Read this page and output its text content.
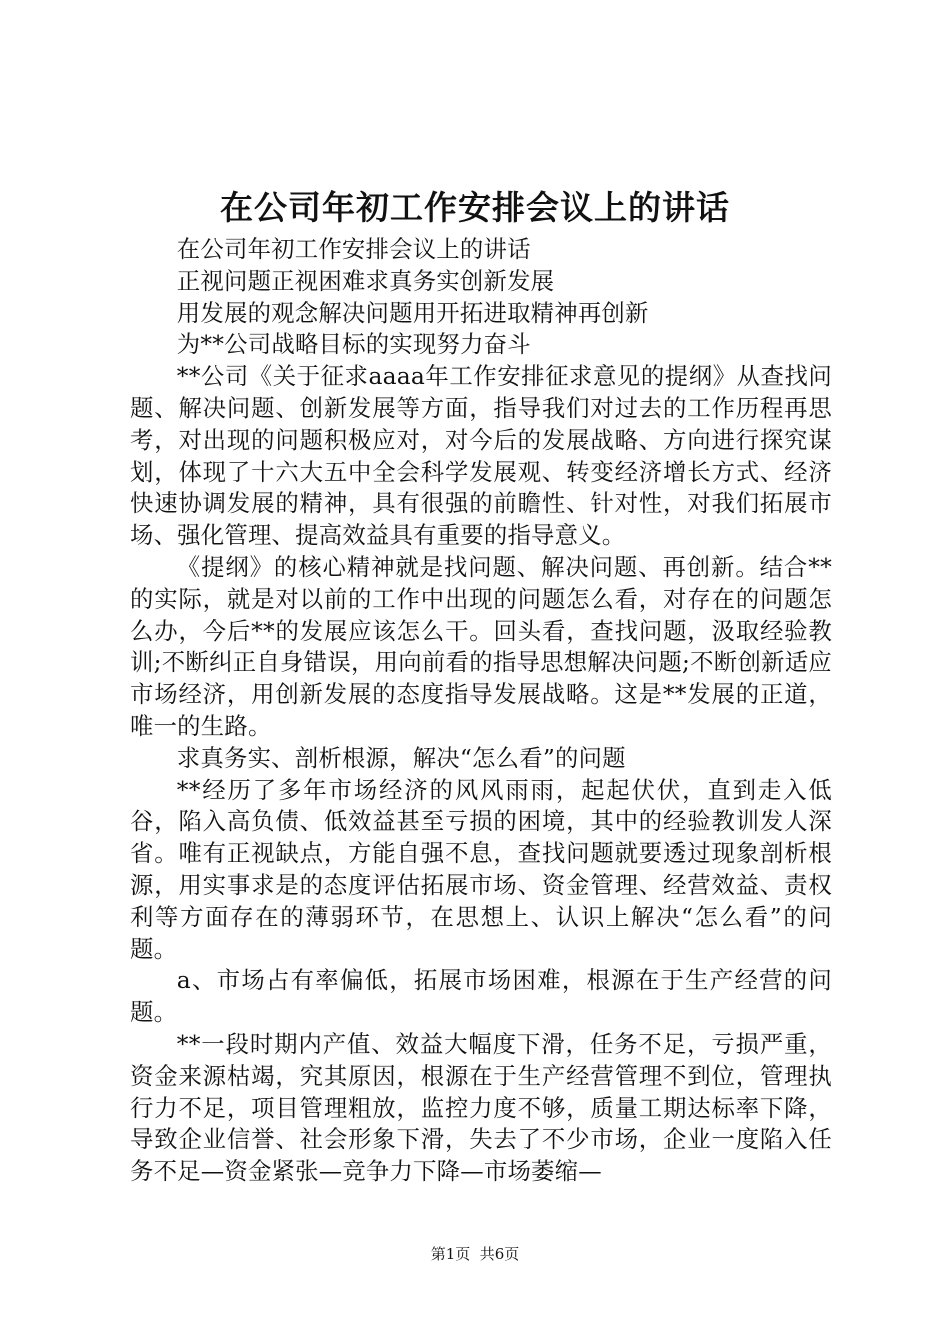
在公司年初工作安排会议上的讲话

在公司年初工作安排会议上的讲话

正视问题正视困难求真务实创新发展

用发展的观念解决问题用开拓进取精神再创新

为**公司战略目标的实现努力奋斗

**公司《关于征求aaaa年工作安排征求意见的提纲》从查找问题、解决问题、创新发展等方面，指导我们对过去的工作历程再思考，对出现的问题积极应对，对今后的发展战略、方向进行探究谋划，体现了十六大五中全会科学发展观、转变经济增长方式、经济快速协调发展的精神，具有很强的前瞻性、针对性，对我们拓展市场、强化管理、提高效益具有重要的指导意义。

《提纲》的核心精神就是找问题、解决问题、再创新。结合**的实际，就是对以前的工作中出现的问题怎么看，对存在的问题怎么办，今后**的发展应该怎么干。回头看，查找问题，汲取经验教训;不断纠正自身错误，用向前看的指导思想解决问题;不断创新适应市场经济，用创新发展的态度指导发展战略。这是**发展的正道，唯一的生路。

求真务实、剖析根源，解决“怎么看”的问题

**经历了多年市场经济的风风雨雨，起起伏伏，直到走入低谷，陷入高负债、低效益甚至亏损的困境，其中的经验教训发人深省。唯有正视缺点，方能自强不息，查找问题就要透过现象剖析根源，用实事求是的态度评估拓展市场、资金管理、经营效益、责权利等方面存在的薄弱环节，在思想上、认识上解决“怎么看”的问题。

a、市场占有率偏低，拓展市场困难，根源在于生产经营的问题。

**一段时期内产值、效益大幅度下滑，任务不足，亏损严重，资金来源枯竭，究其原因，根源在于生产经营管理不到位，管理执行力不足，项目管理粗放，监控力度不够，质量工期达标率下降，导致企业信誉、社会形象下滑，失去了不少市场，企业一度陷入任务不足—资金紧张—竞争力下降—市场萎缩—

第1页  共6页
